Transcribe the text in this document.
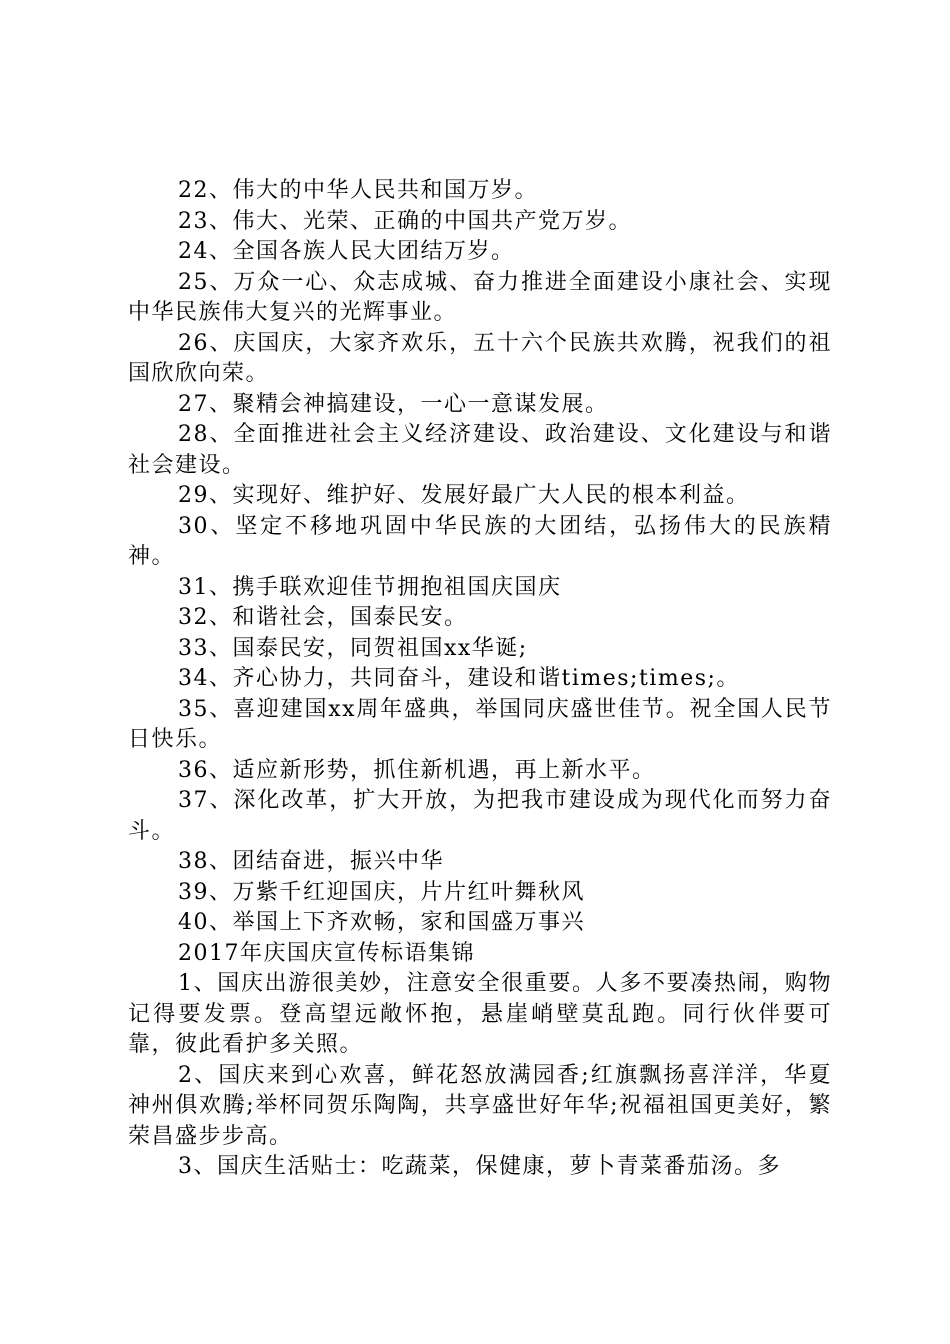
22、伟大的中华人民共和国万岁。

23、伟大、光荣、正确的中国共产党万岁。

24、全国各族人民大团结万岁。

25、万众一心、众志成城、奋力推进全面建设小康社会、实现中华民族伟大复兴的光辉事业。

26、庆国庆，大家齐欢乐，五十六个民族共欢腾，祝我们的祖国欣欣向荣。

27、聚精会神搞建设，一心一意谋发展。

28、全面推进社会主义经济建设、政治建设、文化建设与和谐社会建设。

29、实现好、维护好、发展好最广大人民的根本利益。

30、坚定不移地巩固中华民族的大团结，弘扬伟大的民族精神。

31、携手联欢迎佳节拥抱祖国庆国庆

32、和谐社会，国泰民安。

33、国泰民安，同贺祖国xx华诞;

34、齐心协力，共同奋斗，建设和谐times;times;。

35、喜迎建国xx周年盛典，举国同庆盛世佳节。祝全国人民节日快乐。

36、适应新形势，抓住新机遇，再上新水平。

37、深化改革，扩大开放，为把我市建设成为现代化而努力奋斗。

38、团结奋进，振兴中华

39、万紫千红迎国庆，片片红叶舞秋风

40、举国上下齐欢畅，家和国盛万事兴

2017年庆国庆宣传标语集锦

1、国庆出游很美妙，注意安全很重要。人多不要凑热闹，购物记得要发票。登高望远敞怀抱，悬崖峭壁莫乱跑。同行伙伴要可靠，彼此看护多关照。

2、国庆来到心欢喜，鲜花怒放满园香;红旗飘扬喜洋洋，华夏神州俱欢腾;举杯同贺乐陶陶，共享盛世好年华;祝福祖国更美好，繁荣昌盛步步高。

3、国庆生活贴士：吃蔬菜，保健康，萝卜青菜番茄汤。多
